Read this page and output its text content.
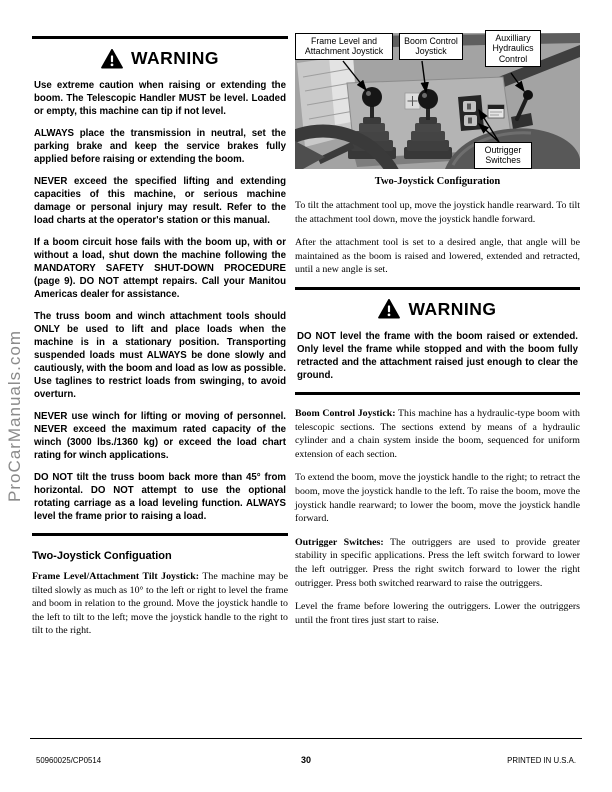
ProCarManuals.com
WARNING

Use extreme caution when raising or extending the boom. The Telescopic Handler MUST be level. Loaded or empty, this machine can tip if not level.

ALWAYS place the transmission in neutral, set the parking brake and keep the service brakes fully applied before raising or extending the boom.

NEVER exceed the specified lifting and extending capacities of this machine, or serious machine damage or personal injury may result. Refer to the load charts at the operator's station or this manual.

If a boom circuit hose fails with the boom up, with or without a load, shut down the machine following the MANDATORY SAFETY SHUT-DOWN PROCEDURE (page 9). DO NOT attempt repairs. Call your Manitou Americas dealer for assistance.

The truss boom and winch attachment tools should ONLY be used to lift and place loads when the machine is in a stationary position. Transporting suspended loads must ALWAYS be done slowly and cautiously, with the boom and load as low as possible. Use taglines to restrict loads from swinging, to avoid overturn.

NEVER use winch for lifting or moving of personnel. NEVER exceed the maximum rated capacity of the winch (3000 lbs./1360 kg) or exceed the load chart rating for winch applications.

DO NOT tilt the truss boom back more than 45° from horizontal. DO NOT attempt to use the optional rotating carriage as a load leveling function. ALWAYS level the frame prior to raising a load.

Two-Joystick Configuation

Frame Level/Attachment Tilt Joystick: The machine may be tilted slowly as much as 10° to the left or right to level the frame and boom in relation to the ground. Move the joystick handle to the left to tilt to the left; move the joystick handle to the right to tilt to the right.

Frame Level and Attachment Joystick
Boom Control Joystick
Auxilliary Hydraulics Control
Outrigger Switches
Two-Joystick Configuration

To tilt the attachment tool up, move the joystick handle rearward. To tilt the attachment tool down, move the joystick handle forward.

After the attachment tool is set to a desired angle, that angle will be maintained as the boom is raised and lowered, extended and retracted, until a new angle is set.

WARNING

DO NOT level the frame with the boom raised or extended. Only level the frame while stopped and with the boom fully retracted and the attachment raised just enough to clear the ground.

Boom Control Joystick: This machine has a hydraulic-type boom with telescopic sections. The sections extend by means of a hydraulic cylinder and a chain system inside the boom, sequenced for uniform extension of each section.

To extend the boom, move the joystick handle to the right; to retract the boom, move the joystick handle to the left. To raise the boom, move the joystick handle rearward; to lower the boom, move the joystick handle forward.

Outrigger Switches: The outriggers are used to provide greater stability in specific applications. Press the left switch forward to lower the left outrigger. Press the right switch forward to lower the right outrigger. Press both switched rearward to raise the outriggers.

Level the frame before lowering the outriggers. Lower the outriggers until the front tires just start to raise.

50960025/CP0514	30	PRINTED IN U.S.A.
